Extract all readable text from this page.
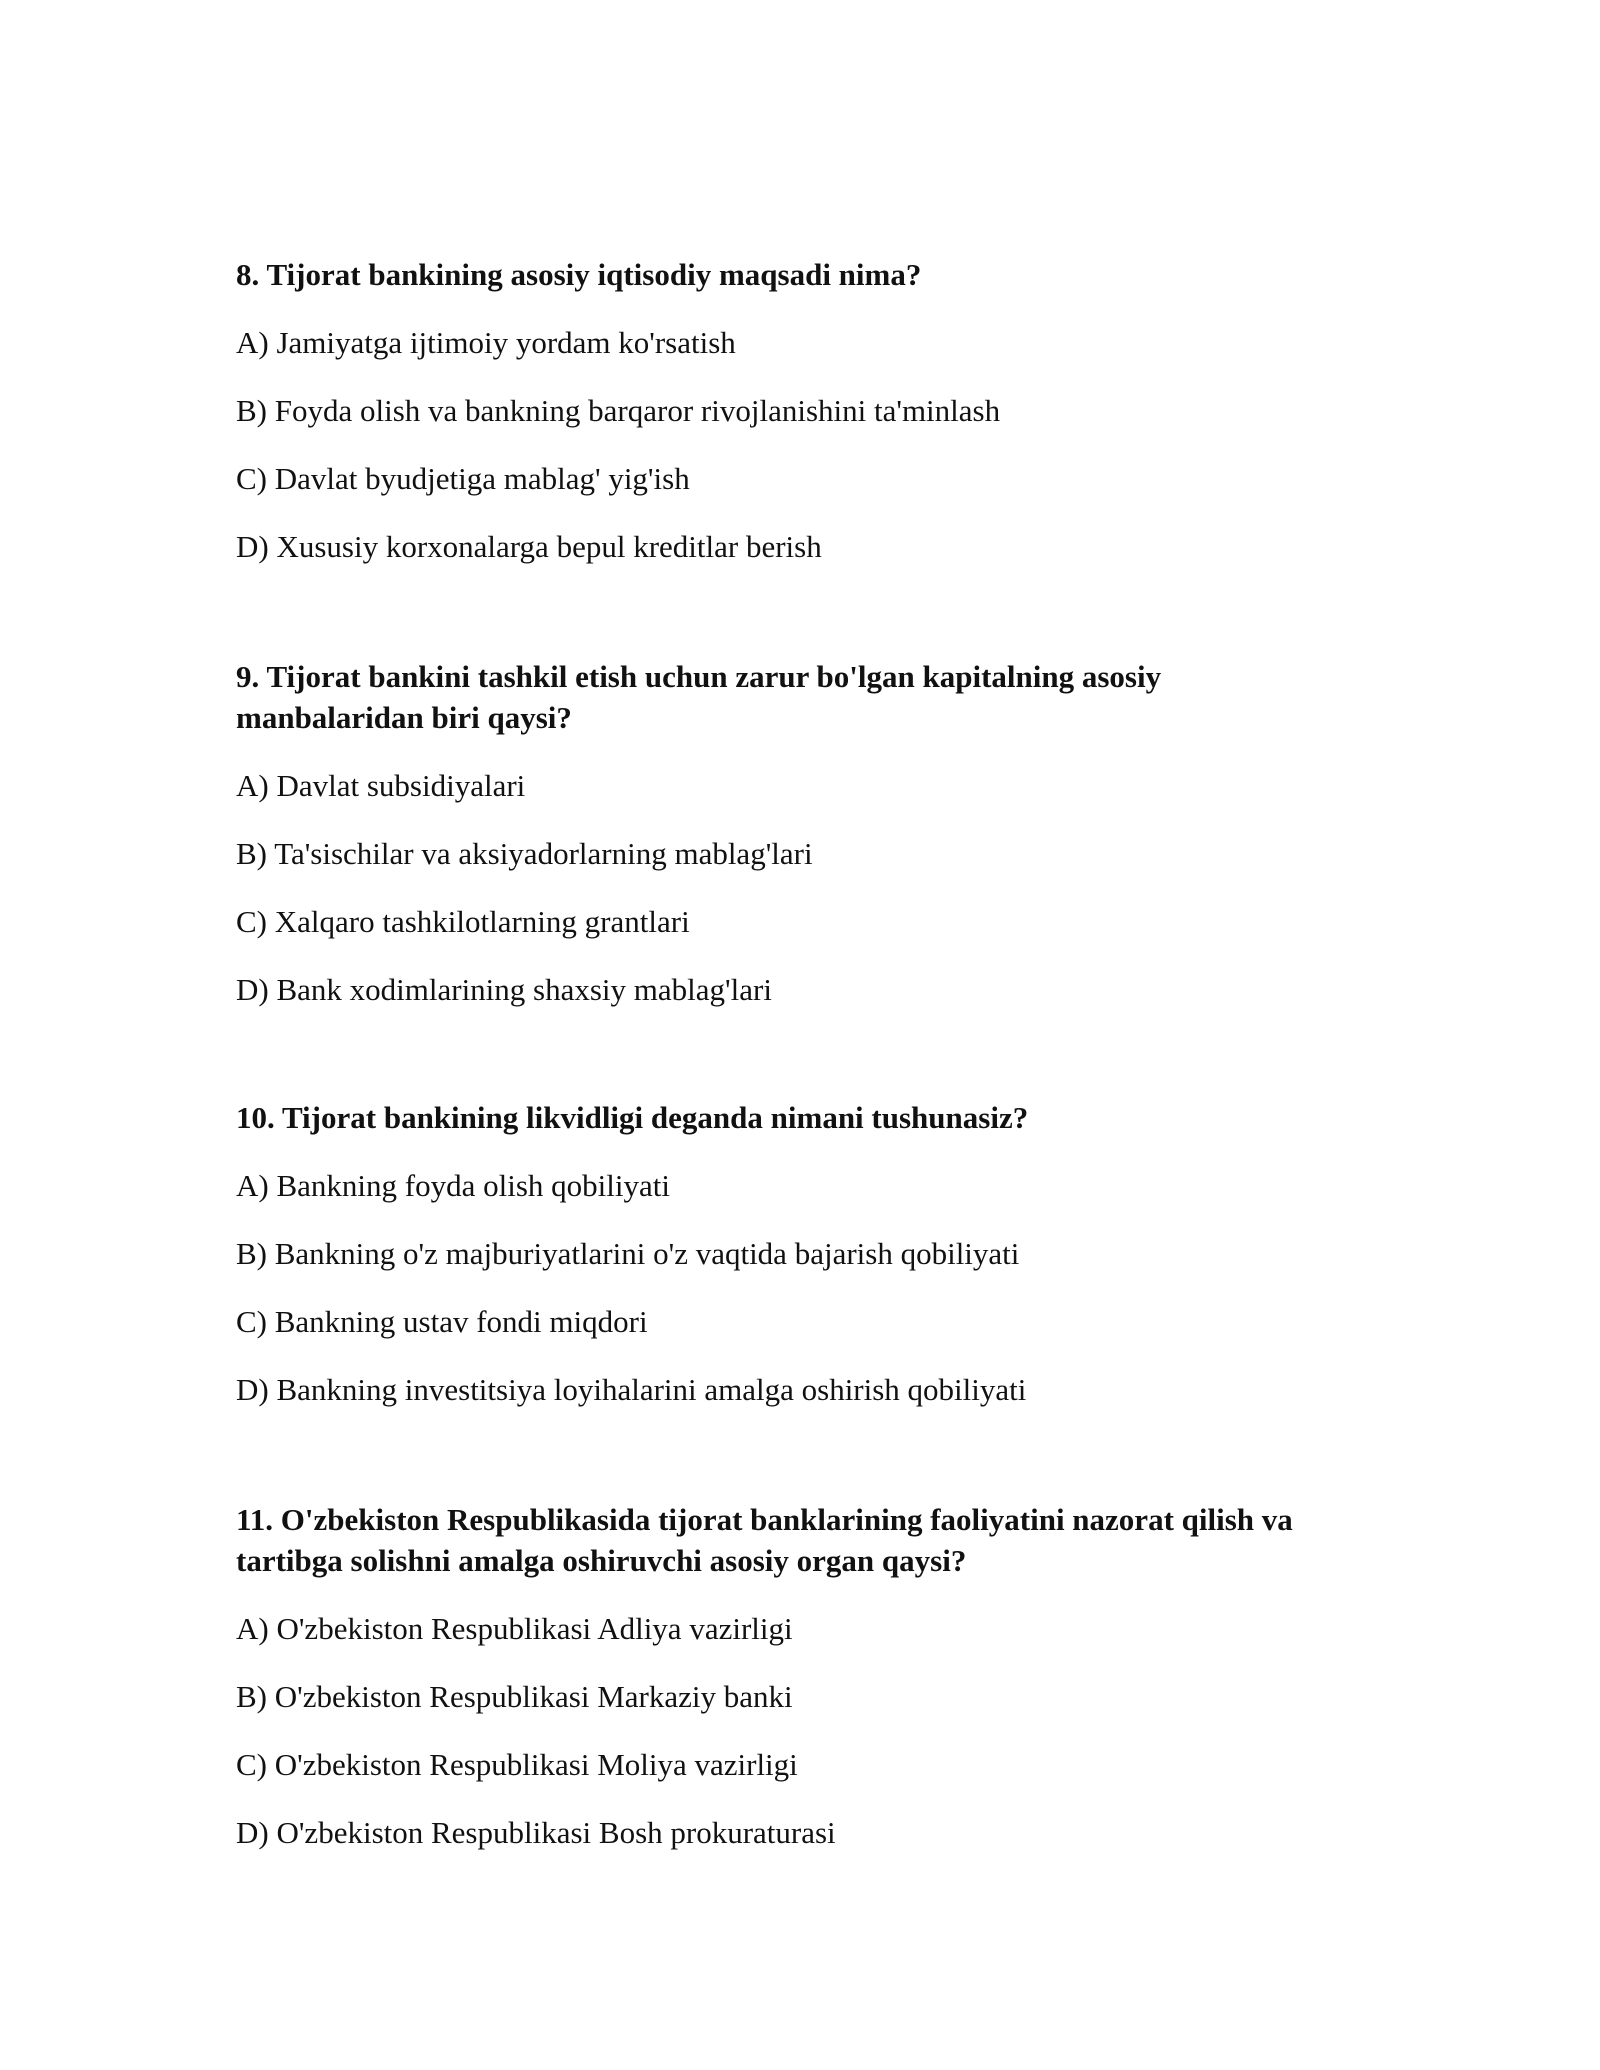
8. Tijorat bankining asosiy iqtisodiy maqsadi nima?

A) Jamiyatga ijtimoiy yordam ko'rsatish

B) Foyda olish va bankning barqaror rivojlanishini ta'minlash

C) Davlat byudjetiga mablag' yig'ish

D) Xususiy korxonalarga bepul kreditlar berish

9. Tijorat bankini tashkil etish uchun zarur bo'lgan kapitalning asosiy manbalaridan biri qaysi?

A) Davlat subsidiyalari

B) Ta'sischilar va aksiyadorlarning mablag'lari

C) Xalqaro tashkilotlarning grantlari

D) Bank xodimlarining shaxsiy mablag'lari

10. Tijorat bankining likvidligi deganda nimani tushunasiz?

A) Bankning foyda olish qobiliyati

B) Bankning o'z majburiyatlarini o'z vaqtida bajarish qobiliyati

C) Bankning ustav fondi miqdori

D) Bankning investitsiya loyihalarini amalga oshirish qobiliyati

11. O'zbekiston Respublikasida tijorat banklarining faoliyatini nazorat qilish va tartibga solishni amalga oshiruvchi asosiy organ qaysi?

A) O'zbekiston Respublikasi Adliya vazirligi

B) O'zbekiston Respublikasi Markaziy banki

C) O'zbekiston Respublikasi Moliya vazirligi

D) O'zbekiston Respublikasi Bosh prokuraturasi
